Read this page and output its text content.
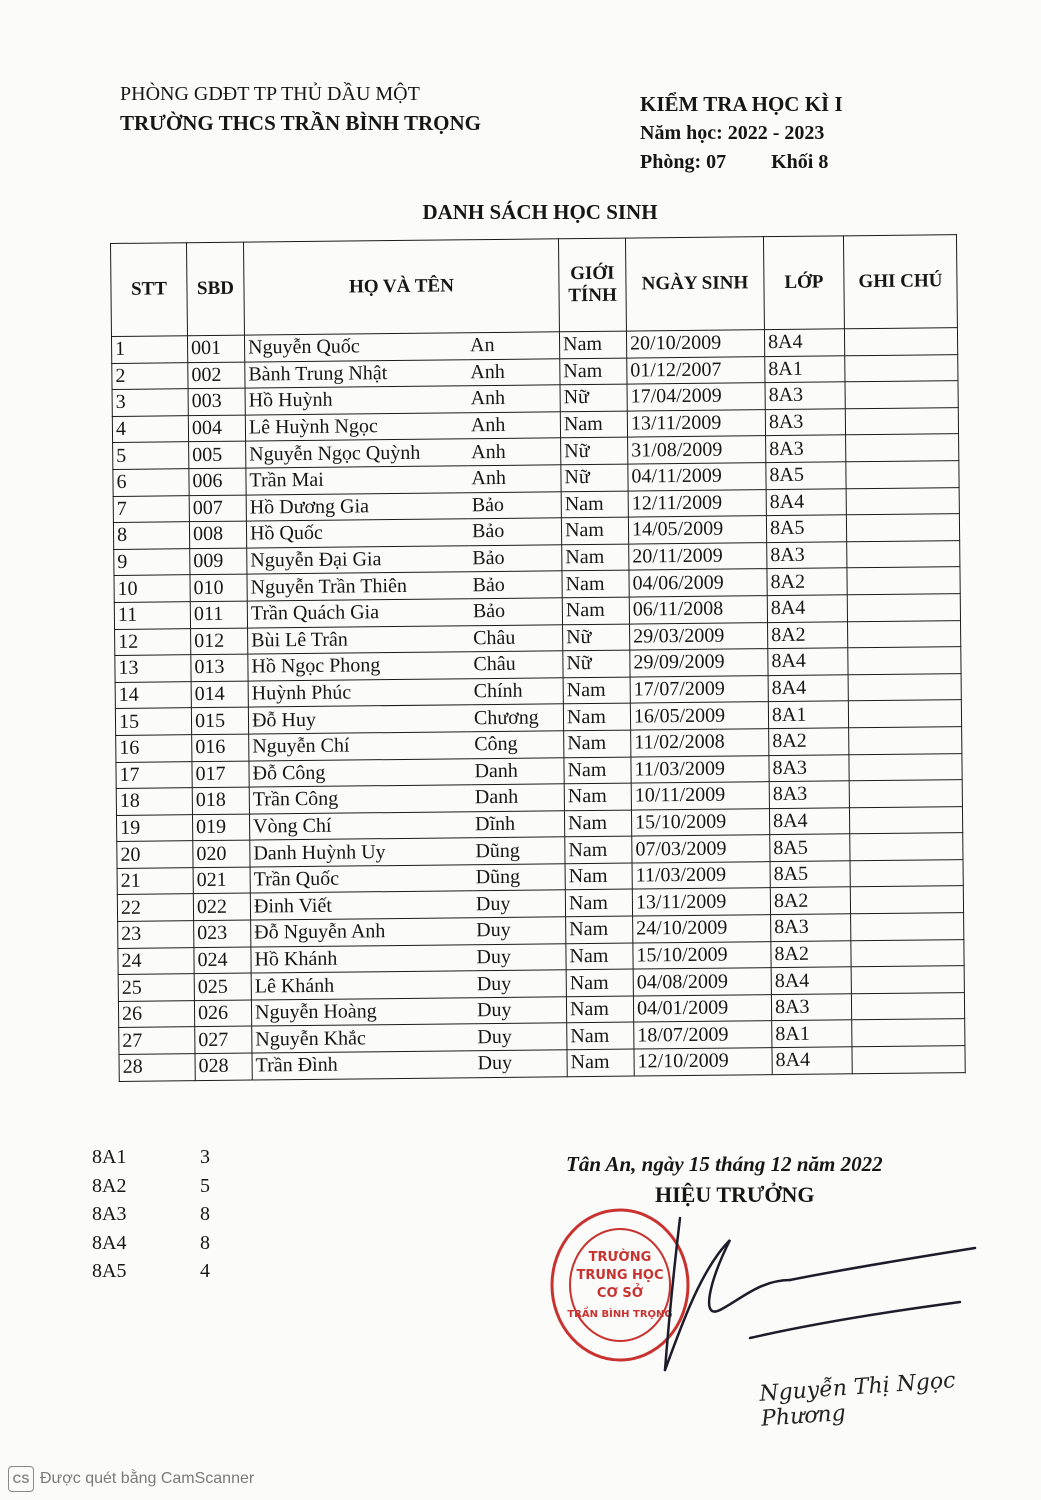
PHÒNG GDĐT TP THỦ DẦU MỘT
TRƯỜNG THCS TRẦN BÌNH TRỌNG
KIỂM TRA HỌC KÌ I
Năm học: 2022 - 2023
Phòng: 07 Khối 8
DANH SÁCH HỌC SINH
STT	SBD	HỌ VÀ TÊN		GIỚI TÍNH	NGÀY SINH	LỚP	GHI CHÚ
1	001	Nguyễn Quốc	An	Nam	20/10/2009	8A4	
2	002	Bành Trung Nhật	Anh	Nam	01/12/2007	8A1	
3	003	Hồ Huỳnh	Anh	Nữ	17/04/2009	8A3	
4	004	Lê Huỳnh Ngọc	Anh	Nam	13/11/2009	8A3	
5	005	Nguyễn Ngọc Quỳnh	Anh	Nữ	31/08/2009	8A3	
6	006	Trần Mai	Anh	Nữ	04/11/2009	8A5	
7	007	Hồ Dương Gia	Bảo	Nam	12/11/2009	8A4	
8	008	Hồ Quốc	Bảo	Nam	14/05/2009	8A5	
9	009	Nguyễn Đại Gia	Bảo	Nam	20/11/2009	8A3	
10	010	Nguyễn Trần Thiên	Bảo	Nam	04/06/2009	8A2	
11	011	Trần Quách Gia	Bảo	Nam	06/11/2008	8A4	
12	012	Bùi Lê Trân	Châu	Nữ	29/03/2009	8A2	
13	013	Hồ Ngọc Phong	Châu	Nữ	29/09/2009	8A4	
14	014	Huỳnh Phúc	Chính	Nam	17/07/2009	8A4	
15	015	Đỗ Huy	Chương	Nam	16/05/2009	8A1	
16	016	Nguyễn Chí	Công	Nam	11/02/2008	8A2	
17	017	Đỗ Công	Danh	Nam	11/03/2009	8A3	
18	018	Trần Công	Danh	Nam	10/11/2009	8A3	
19	019	Vòng Chí	Dĩnh	Nam	15/10/2009	8A4	
20	020	Danh Huỳnh Uy	Dũng	Nam	07/03/2009	8A5	
21	021	Trần Quốc	Dũng	Nam	11/03/2009	8A5	
22	022	Đinh Viết	Duy	Nam	13/11/2009	8A2	
23	023	Đỗ Nguyễn Anh	Duy	Nam	24/10/2009	8A3	
24	024	Hồ Khánh	Duy	Nam	15/10/2009	8A2	
25	025	Lê Khánh	Duy	Nam	04/08/2009	8A4	
26	026	Nguyễn Hoàng	Duy	Nam	04/01/2009	8A3	
27	027	Nguyễn Khắc	Duy	Nam	18/07/2009	8A1	
28	028	Trần Đình	Duy	Nam	12/10/2009	8A4	
8A1	3
8A2	5
8A3	8
8A4	8
8A5	4
Tân An, ngày 15 tháng 12 năm 2022
HIỆU TRƯỞNG
TRƯỜNG
TRUNG HỌC
CƠ SỞ
TRẦN BÌNH TRỌNG
Nguyễn Thị Ngọc Phương
CS Được quét bằng CamScanner
